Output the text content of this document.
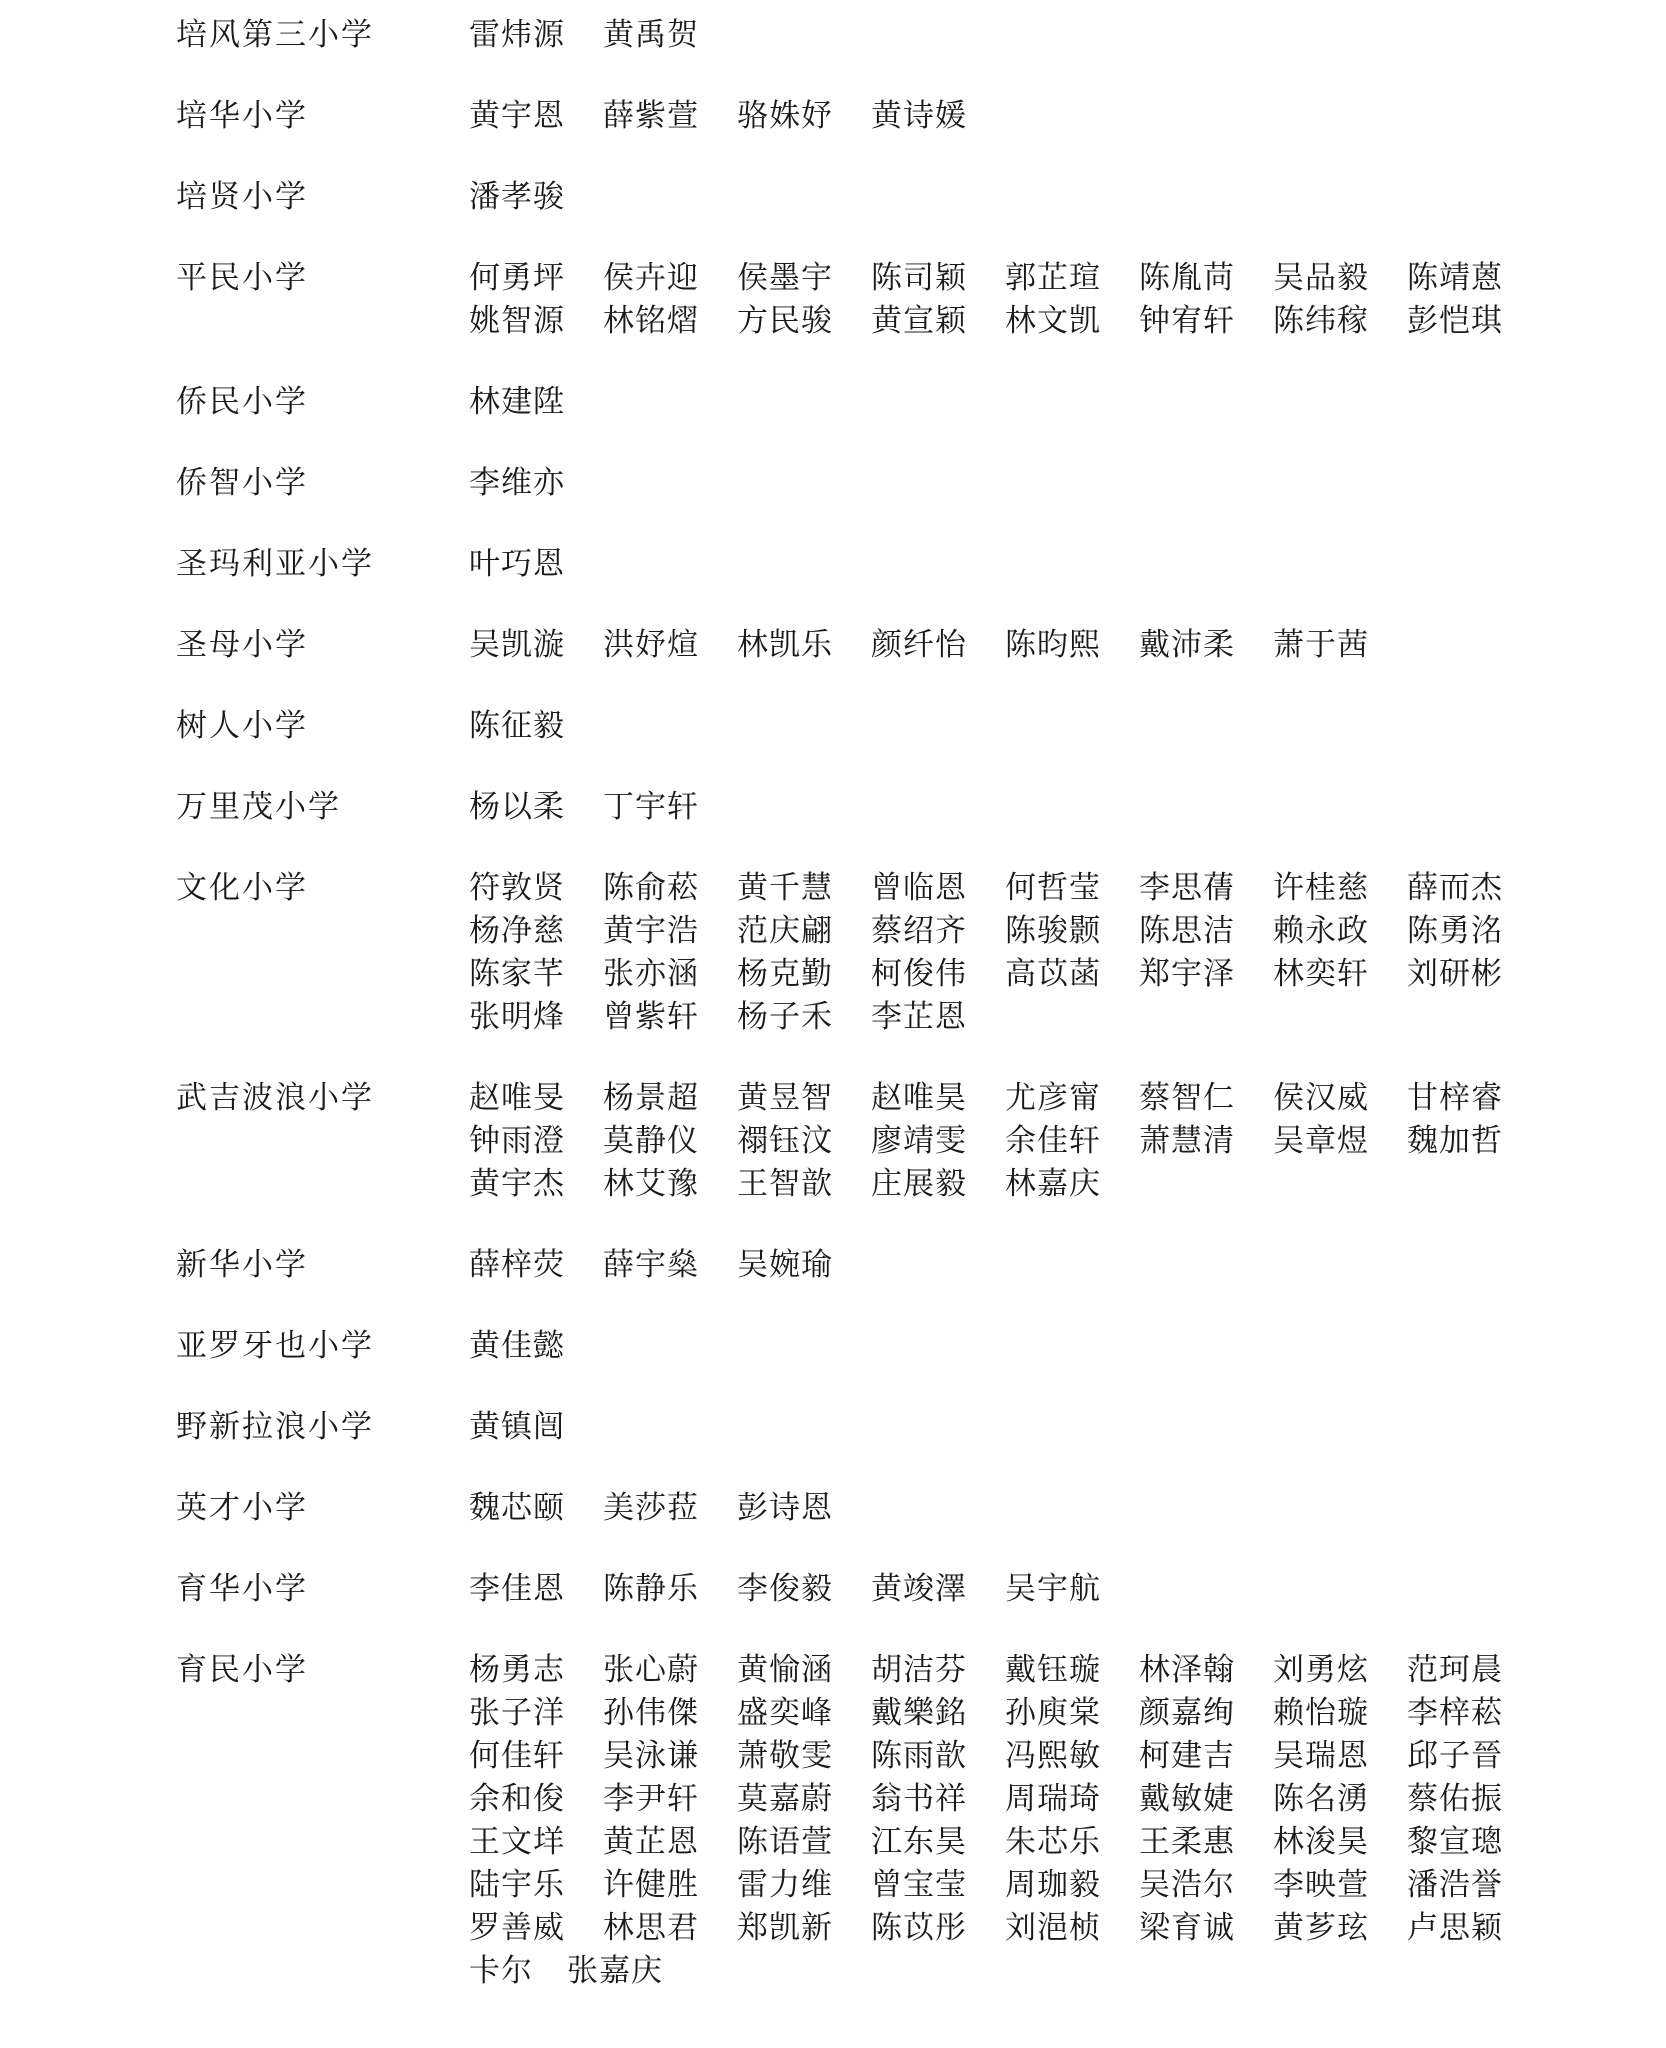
培风第三小学	雷炜源	黄禹贺
培华小学	黄宇恩	薛紫萱	骆姝妤	黄诗媛
培贤小学	潘孝骏
平民小学	何勇坪	侯卉迎	侯墨宇	陈司颖	郭芷瑄	陈胤苘	吴品毅	陈靖蒽
姚智源	林铭熠	方民骏	黄宣颖	林文凯	钟宥轩	陈纬稼	彭恺琪
侨民小学	林建陞
侨智小学	李维亦
圣玛利亚小学	叶巧恩
圣母小学	吴凯漩	洪妤煊	林凯乐	颜纤怡	陈昀熙	戴沛柔	萧于茜
树人小学	陈征毅
万里茂小学	杨以柔	丁宇轩
文化小学	符敦贤	陈俞菘	黄千慧	曾临恩	何哲莹	李思蒨	许桂慈	薛而杰
杨净慈	黄宇浩	范庆翩	蔡绍齐	陈骏颢	陈思洁	赖永政	陈勇洺
陈家芊	张亦涵	杨克勤	柯俊伟	高苡菡	郑宇泽	林奕轩	刘研彬
张明烽	曾紫轩	杨子禾	李芷恩
武吉波浪小学	赵唯旻	杨景超	黄昱智	赵唯昊	尤彦甯	蔡智仁	侯汉威	甘梓睿
钟雨澄	莫静仪	禤钰汶	廖靖雯	余佳轩	萧慧清	吴章煜	魏加哲
黄宇杰	林艾豫	王智歆	庄展毅	林嘉庆
新华小学	薛梓荧	薛宇燊	吴婉瑜
亚罗牙也小学	黄佳懿
野新拉浪小学	黄镇闿
英才小学	魏芯颐	美莎菈	彭诗恩
育华小学	李佳恩	陈静乐	李俊毅	黄竣澤	吴宇航
育民小学	杨勇志	张心蔚	黄愉涵	胡洁芬	戴钰璇	林泽翰	刘勇炫	范珂晨
张子洋	孙伟傑	盛奕峰	戴樂銘	孙庾棠	颜嘉绚	赖怡璇	李梓菘
何佳轩	吴泳谦	萧敬雯	陈雨歆	冯熙敏	柯建吉	吴瑞恩	邱子晉
余和俊	李尹轩	莫嘉蔚	翁书祥	周瑞琦	戴敏婕	陈名湧	蔡佑振
王文垟	黄芷恩	陈语萱	江东昊	朱芯乐	王柔惠	林浚昊	黎宣璁
陆宇乐	许健胜	雷力维	曾宝莹	周珈毅	吴浩尔	李映萱	潘浩誉
罗善威	林思君	郑凯新	陈苡彤	刘浥桢	梁育诚	黄芗玹	卢思颖
卡尔 张嘉庆
